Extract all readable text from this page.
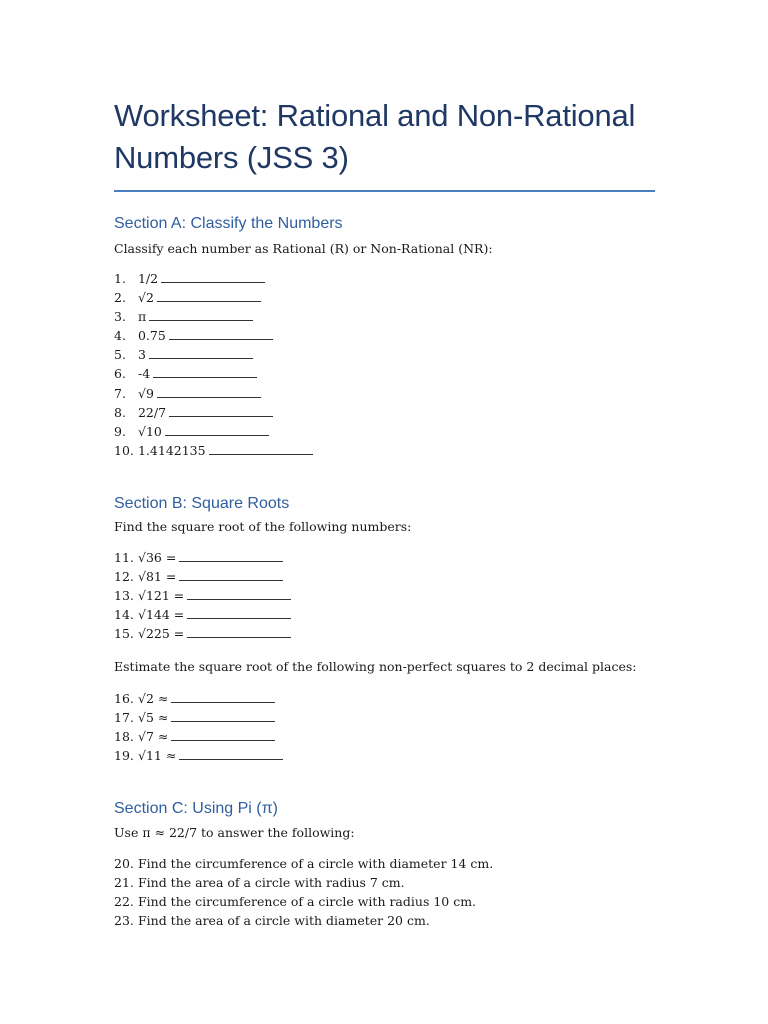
Worksheet: Rational and Non-Rational Numbers (JSS 3)
Section A: Classify the Numbers

Classify each number as Rational (R) or Non-Rational (NR):

1. 1/2
2. √2
3. π
4. 0.75
5. 3
6. -4
7. √9
8. 22/7
9. √10
10. 1.4142135
Section B: Square Roots

Find the square root of the following numbers:

11. √36 =
12. √81 =
13. √121 =
14. √144 =
15. √225 =

Estimate the square root of the following non-perfect squares to 2 decimal places:

16. √2 ≈
17. √5 ≈
18. √7 ≈
19. √11 ≈
Section C: Using Pi (π)

Use π ≈ 22/7 to answer the following:

20. Find the circumference of a circle with diameter 14 cm.
21. Find the area of a circle with radius 7 cm.
22. Find the circumference of a circle with radius 10 cm.
23. Find the area of a circle with diameter 20 cm.
